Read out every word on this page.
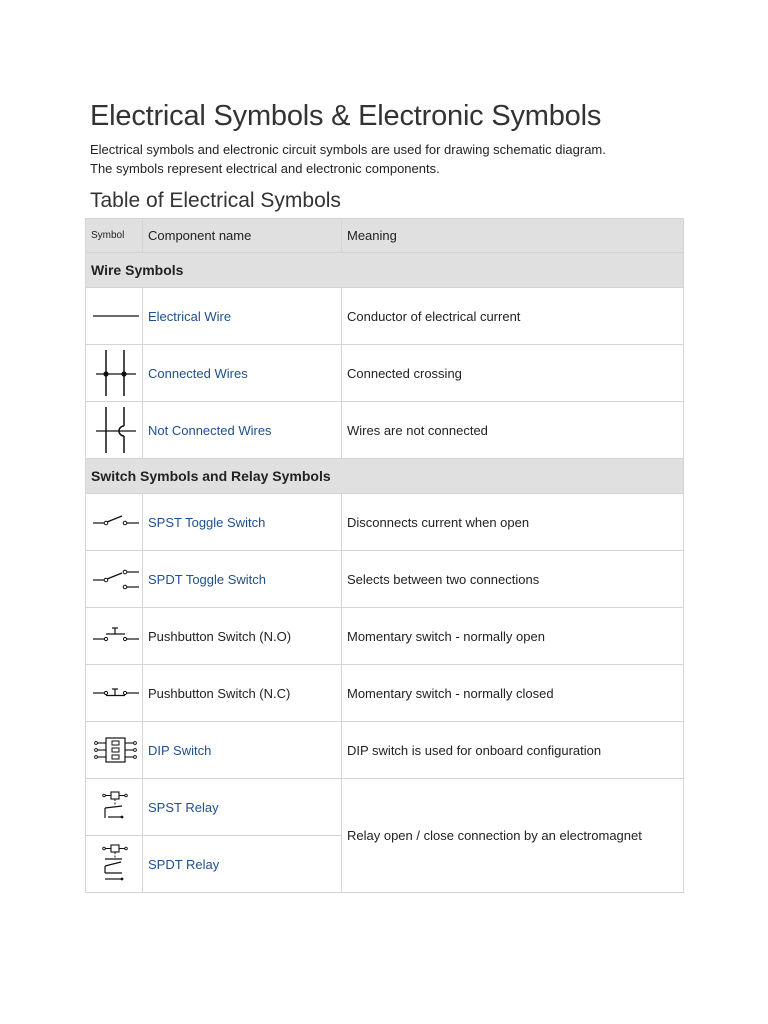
Electrical Symbols & Electronic Symbols

Electrical symbols and electronic circuit symbols are used for drawing schematic diagram.

The symbols represent electrical and electronic components.

Table of Electrical Symbols
Symbol	Component name	Meaning
Wire Symbols		

	Electrical Wire	Conductor of electrical current

	Connected Wires	Connected crossing

	Not Connected Wires	Wires are not connected
Switch Symbols and Relay Symbols		

	SPST Toggle Switch	Disconnects current when open

	SPDT Toggle Switch	Selects between two connections

	Pushbutton Switch (N.O)	Momentary switch - normally open

	Pushbutton Switch (N.C)	Momentary switch - normally closed

	DIP Switch	DIP switch is used for onboard configuration

	SPST Relay	Relay open / close connection by an electromagnet

	SPDT Relay	
